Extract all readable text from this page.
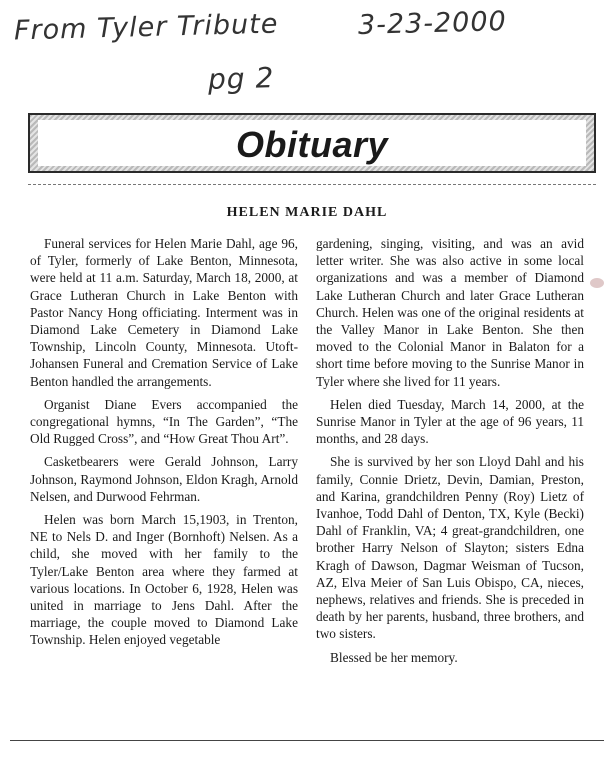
From Tyler Tribute	3-23-2000
pg 2
Obituary
HELEN MARIE DAHL

Funeral services for Helen Marie Dahl, age 96, of Tyler, formerly of Lake Benton, Minnesota, were held at 11 a.m. Saturday, March 18, 2000, at Grace Lutheran Church in Lake Benton with Pastor Nancy Hong officiating. Interment was in Diamond Lake Cemetery in Diamond Lake Township, Lincoln County, Minnesota. Utoft-Johansen Funeral and Cremation Service of Lake Benton handled the arrangements.

Organist Diane Evers accompanied the congregational hymns, “In The Garden”, “The Old Rugged Cross”, and “How Great Thou Art”.

Casketbearers were Gerald Johnson, Larry Johnson, Raymond Johnson, Eldon Kragh, Arnold Nelsen, and Durwood Fehrman.

Helen was born March 15,1903, in Trenton, NE to Nels D. and Inger (Bornhoft) Nelsen. As a child, she moved with her family to the Tyler/Lake Benton area where they farmed at various locations. In October 6, 1928, Helen was united in marriage to Jens Dahl. After the marriage, the couple moved to Diamond Lake Township. Helen enjoyed vegetable

gardening, singing, visiting, and was an avid letter writer. She was also active in some local organizations and was a member of Diamond Lake Lutheran Church and later Grace Lutheran Church. Helen was one of the original residents at the Valley Manor in Lake Benton. She then moved to the Colonial Manor in Balaton for a short time before moving to the Sunrise Manor in Tyler where she lived for 11 years.

Helen died Tuesday, March 14, 2000, at the Sunrise Manor in Tyler at the age of 96 years, 11 months, and 28 days.

She is survived by her son Lloyd Dahl and his family, Connie Drietz, Devin, Damian, Preston, and Karina, grandchildren Penny (Roy) Lietz of Ivanhoe, Todd Dahl of Denton, TX, Kyle (Becki) Dahl of Franklin, VA; 4 great-grandchildren, one brother Harry Nelson of Slayton; sisters Edna Kragh of Dawson, Dagmar Weisman of Tucson, AZ, Elva Meier of San Luis Obispo, CA, nieces, nephews, relatives and friends. She is preceded in death by her parents, husband, three brothers, and two sisters.

Blessed be her memory.
